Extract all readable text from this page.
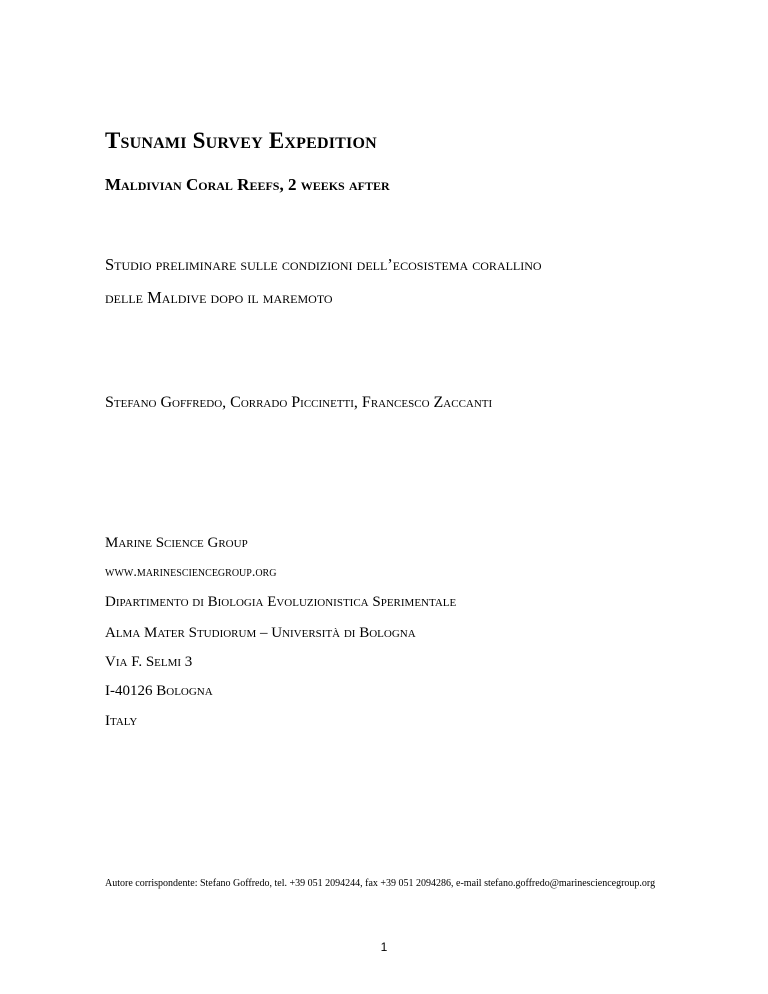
Tsunami Survey Expedition
Maldivian Coral Reefs, 2 weeks after
Studio preliminare sulle condizioni dell’ecosistema corallino
delle Maldive dopo il maremoto
Stefano Goffredo, Corrado Piccinetti, Francesco Zaccanti
Marine Science Group
www.marinesciencegroup.org
Dipartimento di Biologia Evoluzionistica Sperimentale
Alma Mater Studiorum – Università di Bologna
Via F. Selmi 3
I-40126 Bologna
Italy
Autore corrispondente: Stefano Goffredo, tel. +39 051 2094244, fax +39 051 2094286, e-mail stefano.goffredo@marinesciencegroup.org
1
